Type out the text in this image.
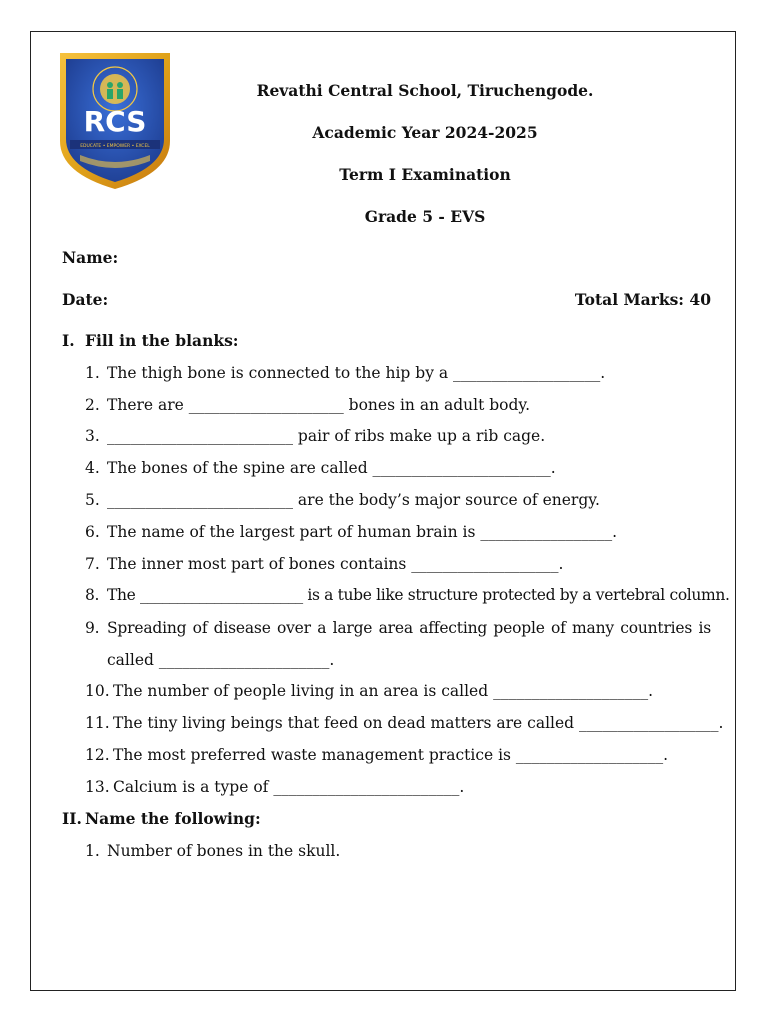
RCS
EDUCATE • EMPOWER • EXCEL
Revathi Central School, Tiruchengode.
Academic Year 2024-2025
Term I Examination
Grade 5 - EVS
Name:
Date:	Total Marks: 40
I. Fill in the blanks:
1. The thigh bone is connected to the hip by a ___________________.
2. There are ____________________ bones in an adult body.
3. ________________________ pair of ribs make up a rib cage.
4. The bones of the spine are called _______________________.
5. ________________________ are the body’s major source of energy.
6. The name of the largest part of human brain is _________________.
7. The inner most part of bones contains ___________________.
8. The ______________________ is a tube like structure protected by a vertebral column.
9. Spreading of disease over a large area affecting people of many countries is
called ______________________.
10. The number of people living in an area is called ____________________.
11. The tiny living beings that feed on dead matters are called __________________.
12. The most preferred waste management practice is ___________________.
13. Calcium is a type of ________________________.
II. Name the following:
1. Number of bones in the skull.
